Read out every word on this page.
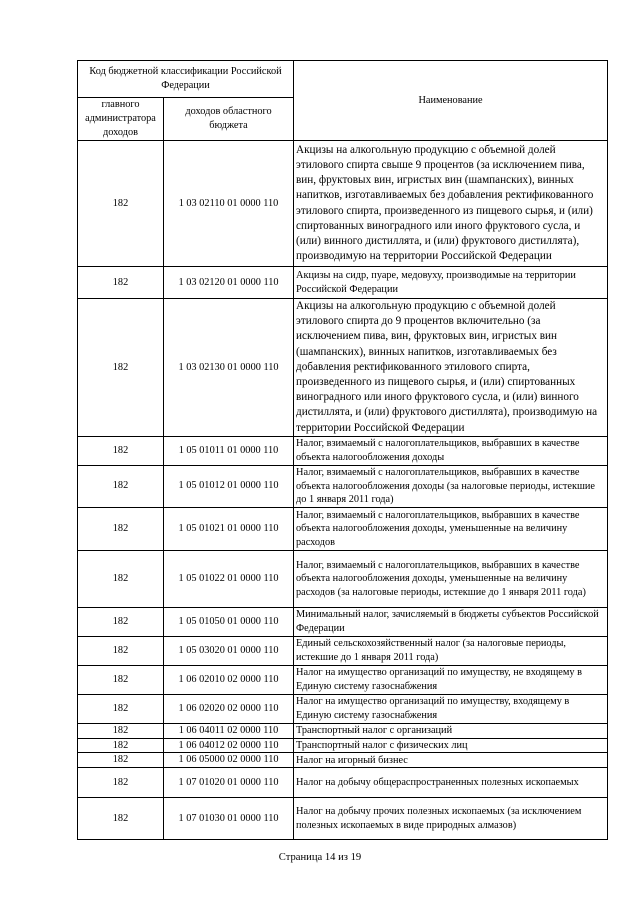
Код бюджетной классификации Российской Федерации		Наименование
главного администратора доходов	доходов областного бюджета	
182	1 03 02110 01 0000 110	Акцизы на алкогольную продукцию с объемной долей этилового спирта свыше 9 процентов (за исключением пива, вин, фруктовых вин, игристых вин (шампанских), винных напитков, изготавливаемых без добавления ректификованного этилового спирта, произведенного из пищевого сырья, и (или) спиртованных виноградного или иного фруктового сусла, и (или) винного дистиллята, и (или) фруктового дистиллята), производимую на территории Российской Федерации
182	1 03 02120 01 0000 110	Акцизы на сидр, пуаре, медовуху, производимые на территории Российской Федерации
182	1 03 02130 01 0000 110	Акцизы на алкогольную продукцию с объемной долей этилового спирта до 9 процентов включительно (за исключением пива, вин, фруктовых вин, игристых вин (шампанских), винных напитков, изготавливаемых без добавления ректификованного этилового спирта, произведенного из пищевого сырья, и (или) спиртованных виноградного или иного фруктового сусла, и (или) винного дистиллята, и (или) фруктового дистиллята), производимую на территории Российской Федерации
182	1 05 01011 01 0000 110	Налог, взимаемый с налогоплательщиков, выбравших в качестве объекта налогообложения доходы
182	1 05 01012 01 0000 110	Налог, взимаемый с налогоплательщиков, выбравших в качестве объекта налогообложения доходы (за налоговые периоды, истекшие до 1 января 2011 года)
182	1 05 01021 01 0000 110	Налог, взимаемый с налогоплательщиков, выбравших в качестве объекта налогообложения доходы, уменьшенные на величину расходов
182	1 05 01022 01 0000 110	Налог, взимаемый с налогоплательщиков, выбравших в качестве объекта налогообложения доходы, уменьшенные на величину расходов (за налоговые периоды, истекшие до 1 января 2011 года)
182	1 05 01050 01 0000 110	Минимальный налог, зачисляемый в бюджеты субъектов Российской Федерации
182	1 05 03020 01 0000 110	Единый сельскохозяйственный налог (за налоговые периоды, истекшие до 1 января 2011 года)
182	1 06 02010 02 0000 110	Налог на имущество организаций по имуществу, не входящему в Единую систему газоснабжения
182	1 06 02020 02 0000 110	Налог на имущество организаций по имуществу, входящему в Единую систему газоснабжения
182	1 06 04011 02 0000 110	Транспортный налог с организаций
182	1 06 04012 02 0000 110	Транспортный налог с физических лиц
182	1 06 05000 02 0000 110	Налог на игорный бизнес
182	1 07 01020 01 0000 110	Налог на добычу общераспространенных полезных ископаемых
182	1 07 01030 01 0000 110	Налог на добычу прочих полезных ископаемых (за исключением полезных ископаемых в виде природных алмазов)
Страница 14 из 19
